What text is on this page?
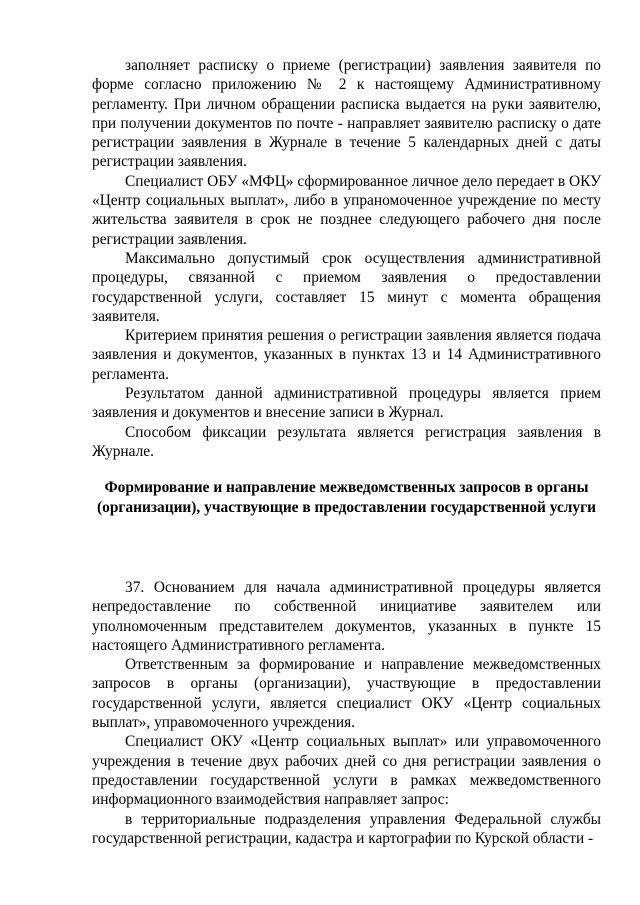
заполняет расписку о приеме (регистрации) заявления заявителя по форме согласно приложению № 2 к настоящему Административному регламенту. При личном обращении расписка выдается на руки заявителю, при получении документов по почте - направляет заявителю расписку о дате регистрации заявления в Журнале в течение 5 календарных дней с даты регистрации заявления.

Специалист ОБУ «МФЦ» сформированное личное дело передает в ОКУ «Центр социальных выплат», либо в упраномоченное учреждение по месту жительства заявителя в срок не позднее следующего рабочего дня после регистрации заявления.

Максимально допустимый срок осуществления административной процедуры, связанной с приемом заявления о предоставлении государственной услуги, составляет 15 минут с момента обращения заявителя.

Критерием принятия решения о регистрации заявления является подача заявления и документов, указанных в пунктах 13 и 14 Административного регламента.

Результатом данной административной процедуры является прием заявления и документов и внесение записи в Журнал.

Способом фиксации результата является регистрация заявления в Журнале.

Формирование и направление межведомственных запросов в органы (организации), участвующие в предоставлении государственной услуги

37. Основанием для начала административной процедуры является непредоставление по собственной инициативе заявителем или уполномоченным представителем документов, указанных в пункте 15 настоящего Административного регламента.

Ответственным за формирование и направление межведомственных запросов в органы (организации), участвующие в предоставлении государственной услуги, является специалист ОКУ «Центр социальных выплат», управомоченного учреждения.

Специалист ОКУ «Центр социальных выплат» или управомоченного учреждения в течение двух рабочих дней со дня регистрации заявления о предоставлении государственной услуги в рамках межведомственного информационного взаимодействия направляет запрос:

в территориальные подразделения управления Федеральной службы государственной регистрации, кадастра и картографии по Курской области -
